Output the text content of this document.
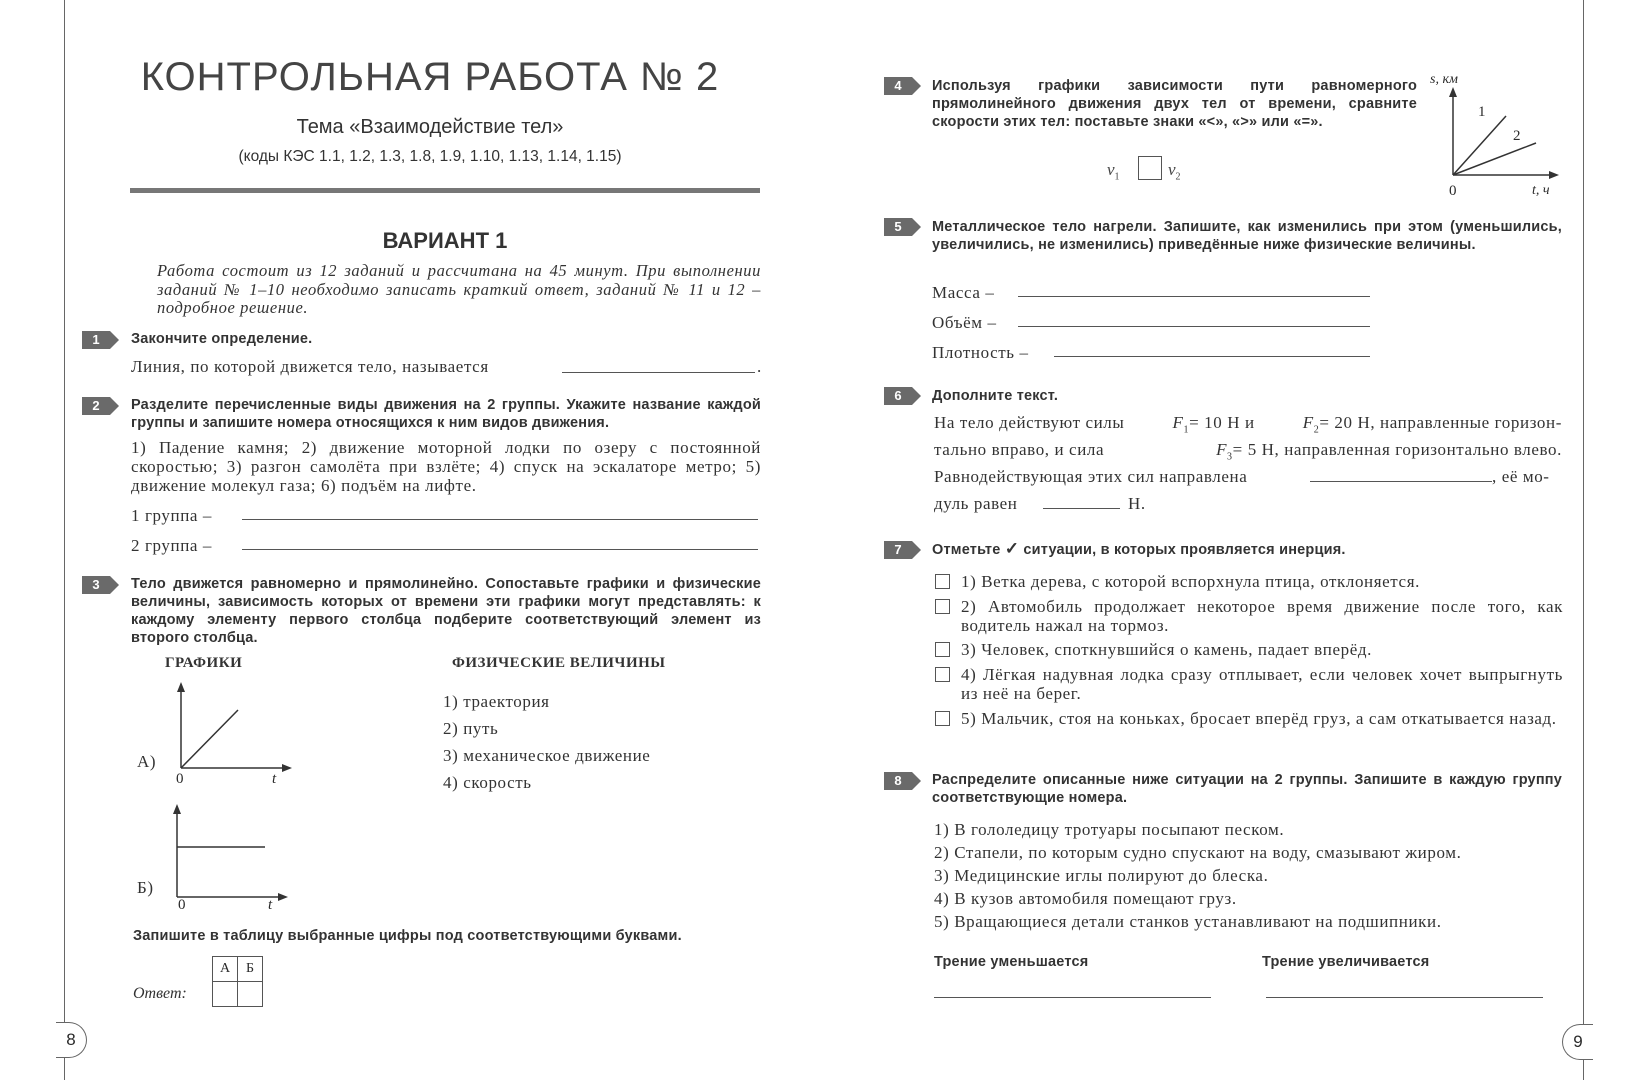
КОНТРОЛЬНАЯ РАБОТА № 2
Тема «Взаимодействие тел»
(коды КЭС 1.1, 1.2, 1.3, 1.8, 1.9, 1.10, 1.13, 1.14, 1.15)
ВАРИАНТ 1
Работа состоит из 12 заданий и рассчитана на 45 минут. При выполнении заданий № 1–10 необходимо записать краткий ответ, заданий № 11 и 12 – подробное решение.
1	Закончите определение.
Линия, по которой движется тело, называется	.
2	Разделите перечисленные виды движения на 2 группы. Укажите название каждой группы и запишите номера относящихся к ним видов движения.
1) Падение камня; 2) движение моторной лодки по озеру с постоянной скоростью; 3) разгон самолёта при взлёте; 4) спуск на эскалаторе метро; 5) движение молекул газа; 6) подъём на лифте.
1 группа –
2 группа –
3	Тело движется равномерно и прямолинейно. Сопоставьте графики и физические величины, зависимость которых от времени эти графики могут представлять: к каждому элементу первого столбца подберите соответствующий элемент из второго столбца.
ГРАФИКИ	ФИЗИЧЕСКИЕ ВЕЛИЧИНЫ
1) траектория
2) путь
3) механическое движение
4) скорость
А)
0	t
Б)
0	t
Запишите в таблицу выбранные цифры под соответствующими буквами.
Ответ:
А	Б

8
4	Используя графики зависимости пути равномерного прямолинейного движения двух тел от времени, сравните скорости этих тел: поставьте знаки «<», «>» или «=».
$v_1$	$v_2$
s, км
t, ч
0
1
2
5	Металлическое тело нагрели. Запишите, как изменились при этом (уменьшились, увеличились, не изменились) приведённые ниже физические величины.
Масса –
Объём –
Плотность –
6	Дополните текст.
На тело действуют силы	$F_1= 10$ Н и	$F_2= 20$ Н, направленные горизон-
тально вправо, и сила	$F_3= 5$ Н, направленная горизонтально влево.
Равнодействующая этих сил направлена	, её мо-
дуль равен	Н.
7	Отметьте ✓ ситуации, в которых проявляется инерция.
1) Ветка дерева, с которой вспорхнула птица, отклоняется.
2) Автомобиль продолжает некоторое время движение после того, как водитель нажал на тормоз.
3) Человек, споткнувшийся о камень, падает вперёд.
4) Лёгкая надувная лодка сразу отплывает, если человек хочет выпрыгнуть из неё на берег.
5) Мальчик, стоя на коньках, бросает вперёд груз, а сам откатывается назад.
8	Распределите описанные ниже ситуации на 2 группы. Запишите в каждую группу соответствующие номера.
1) В гололедицу тротуары посыпают песком.
2) Стапели, по которым судно спускают на воду, смазывают жиром.
3) Медицинские иглы полируют до блеска.
4) В кузов автомобиля помещают груз.
5) Вращающиеся детали станков устанавливают на подшипники.
Трение уменьшается	Трение увеличивается
9
